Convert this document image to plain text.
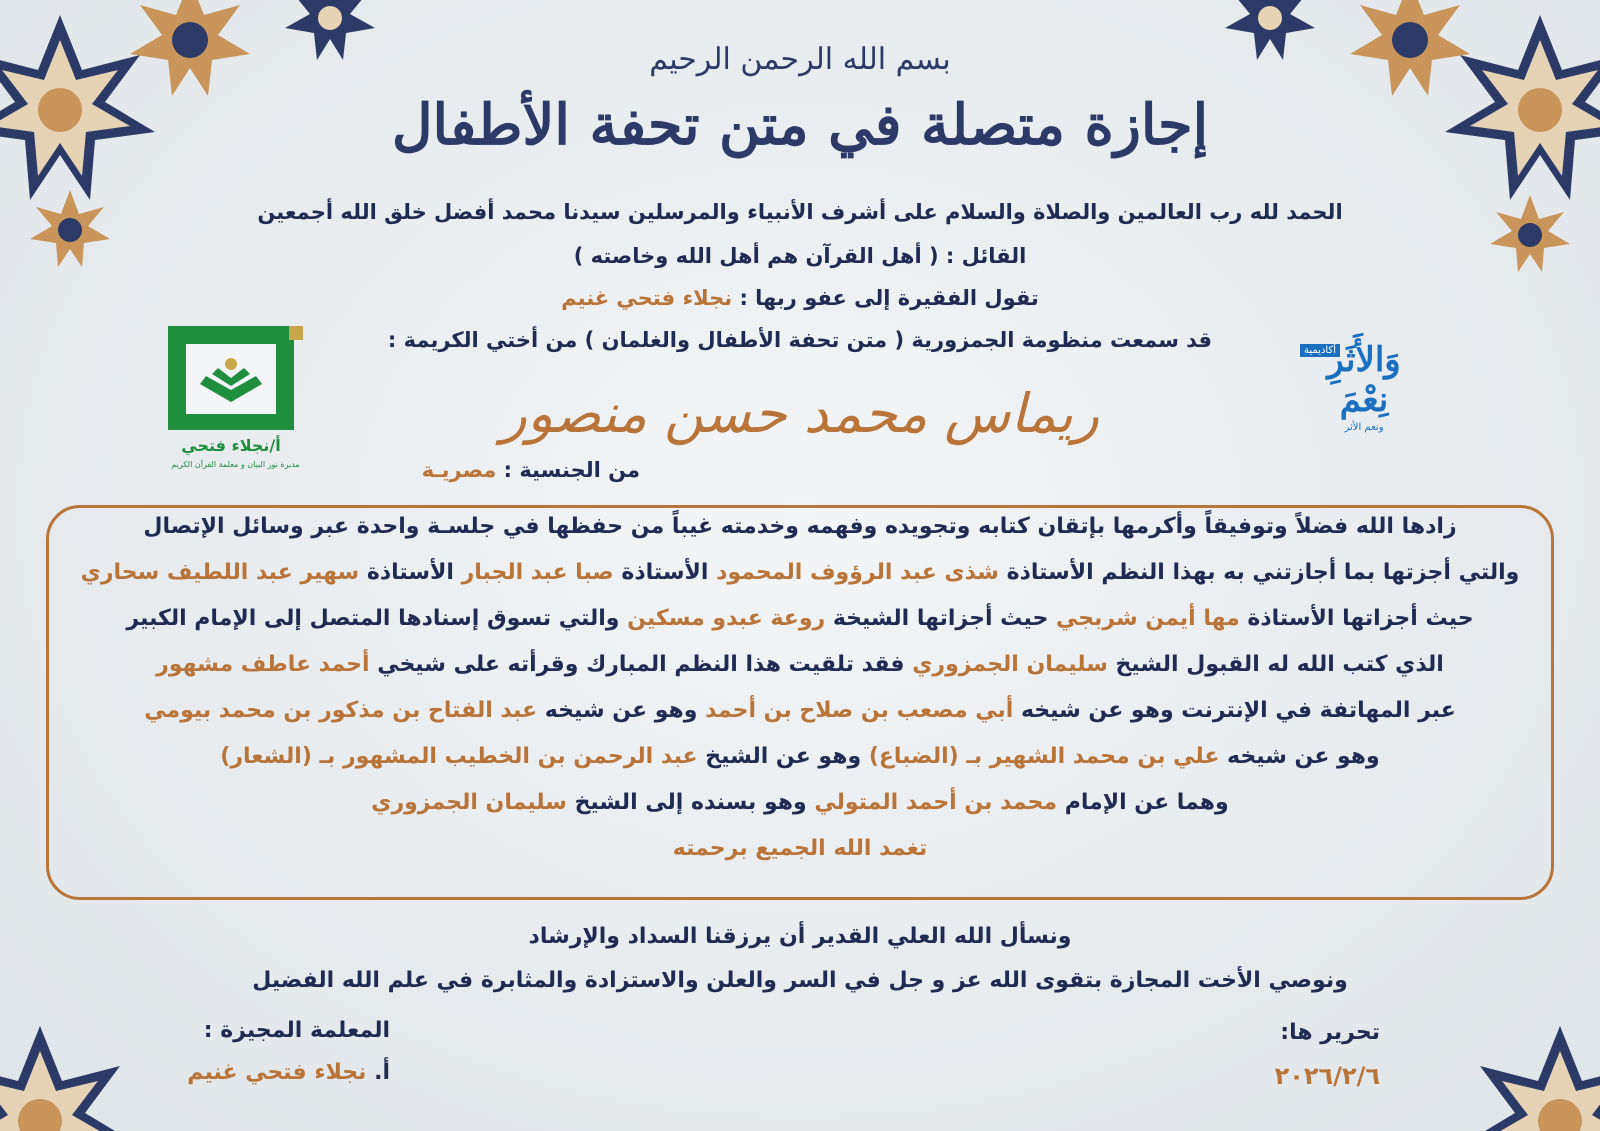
بسم الله الرحمن الرحيم
إجازة متصلة في متن تحفة الأطفال
الحمد لله رب العالمين والصلاة والسلام على أشرف الأنبياء والمرسلين سيدنا محمد أفضل خلق الله أجمعين
القائل : ( أهل القرآن هم أهل الله وخاصته )
تقول الفقيرة إلى عفو ربها : نجلاء فتحي غنيم
قد سمعت منظومة الجمزورية ( متن تحفة الأطفال والغلمان ) من أختي الكريمة :
أ/نجلاء فتحي
مديرة نور البيان و معلمة القرآن الكريم
أكاديمية
وَالأَثَرِ نِعْمَ
ونعم الأثر
ريماس محمد حسن منصور
من الجنسية : مصريـة
زادها الله فضلاً وتوفيقاً وأكرمها بإتقان كتابه وتجويده وفهمه وخدمته غيباً من حفظها في جلسـة واحدة عبر وسائل الإتصال
والتي أجزتها بما أجازتني به بهذا النظم الأستاذة شذى عبد الرؤوف المحمود الأستاذة صبا عبد الجبار الأستاذة سهير عبد اللطيف سحاري
حيث أجزاتها الأستاذة مها أيمن شربجي حيث أجزاتها الشيخة روعة عبدو مسكين والتي تسوق إسنادها المتصل إلى الإمام الكبير
الذي كتب الله له القبول الشيخ سليمان الجمزوري فقد تلقيت هذا النظم المبارك وقرأته على شيخي أحمد عاطف مشهور
عبر المهاتفة في الإنترنت وهو عن شيخه أبي مصعب بن صلاح بن أحمد وهو عن شيخه عبد الفتاح بن مذكور بن محمد بيومي
وهو عن شيخه علي بن محمد الشهير بـ (الضباع) وهو عن الشيخ عبد الرحمن بن الخطيب المشهور بـ (الشعار)
وهما عن الإمام محمد بن أحمد المتولي وهو بسنده إلى الشيخ سليمان الجمزوري
تغمد الله الجميع برحمته
ونسأل الله العلي القدير أن يرزقنا السداد والإرشاد
ونوصي الأخت المجازة بتقوى الله عز و جل في السر والعلن والاستزادة والمثابرة في علم الله الفضيل
المعلمة المجيزة :
أ. نجلاء فتحي غنيم
تحرير ها:
٢٠٢٦/٢/٦
